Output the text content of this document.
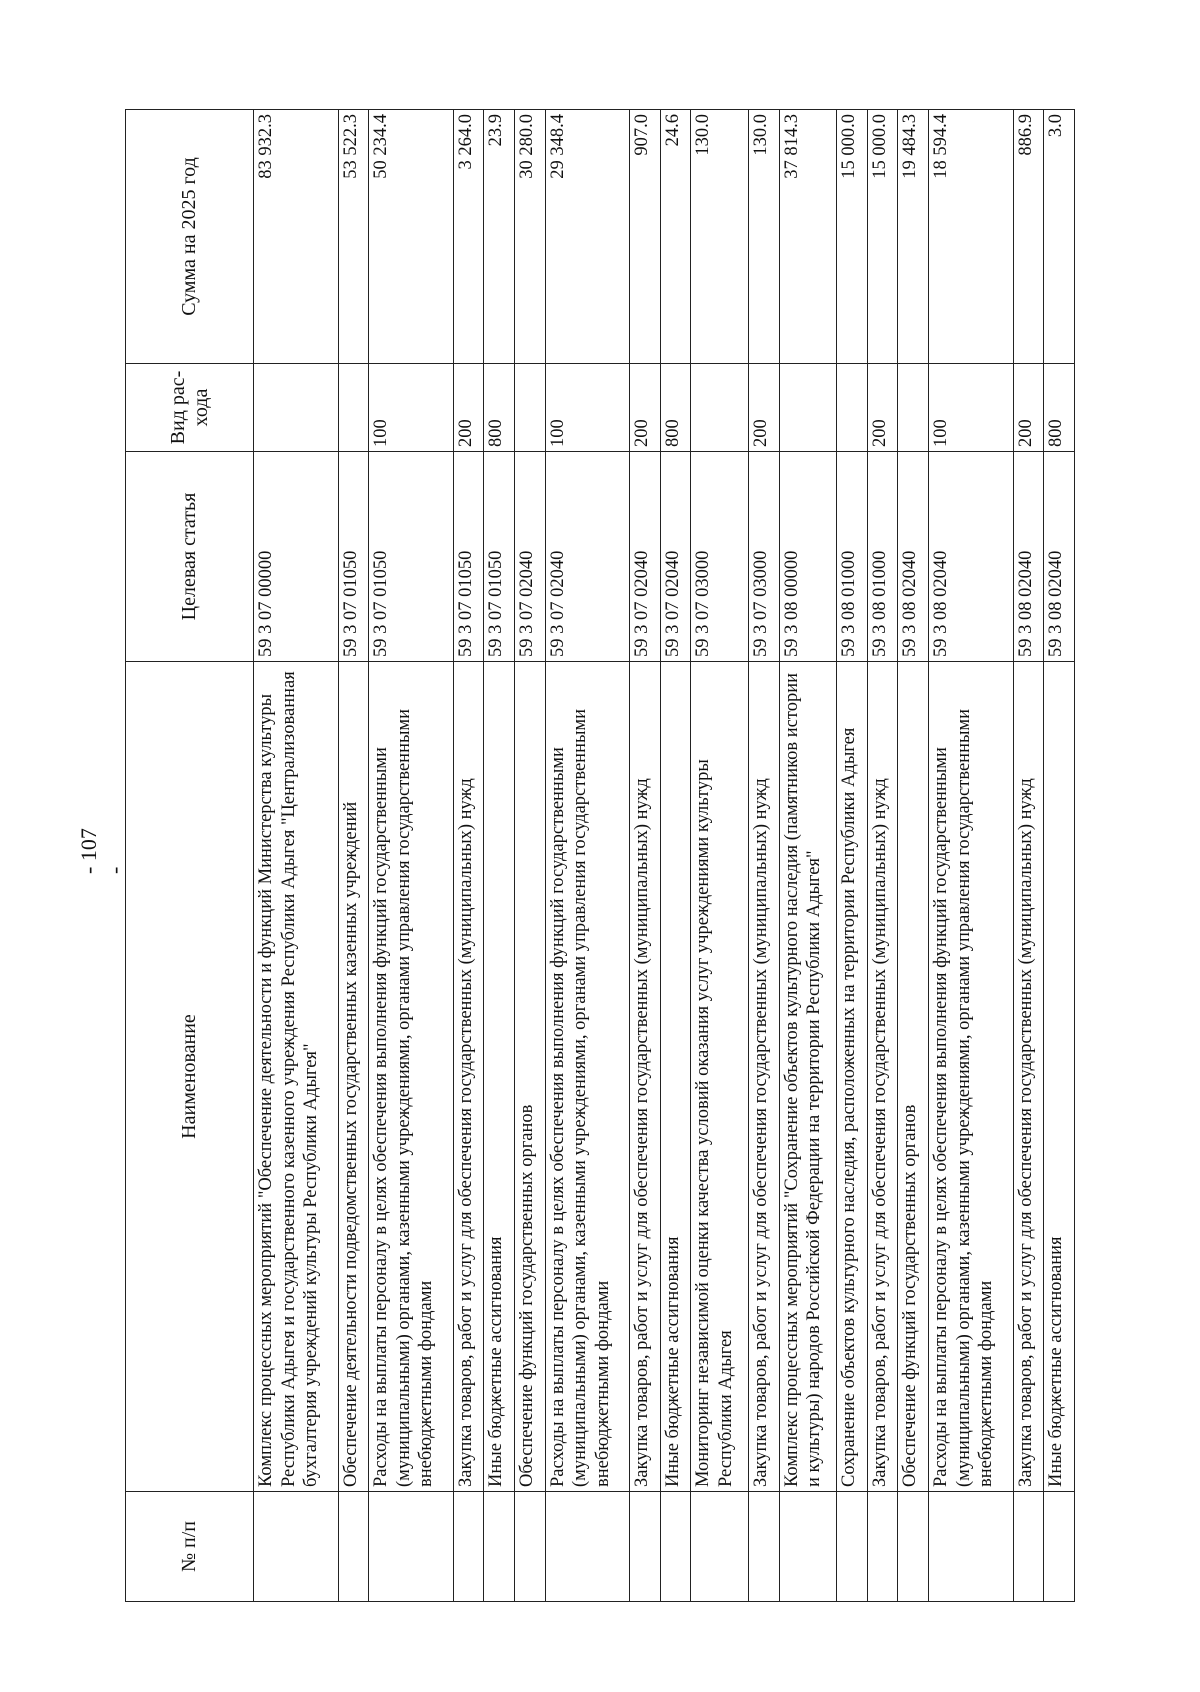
- 107 -
№ п/п	Наименование	Целевая статья	Вид рас-хода	Сумма на 2025 год
	Комплекс процессных мероприятий "Обеспечение деятельности и функций Министерства культуры Республики Адыгея и государственного казенного учреждения Республики Адыгея "Централизованная бухгалтерия учреждений культуры Республики Адыгея"	59 3 07 00000		83 932.3
	Обеспечение деятельности подведомственных государственных казенных учреждений	59 3 07 01050		53 522.3
	Расходы на выплаты персоналу в целях обеспечения выполнения функций государственными (муниципальными) органами, казенными учреждениями, органами управления государственными внебюджетными фондами	59 3 07 01050	100	50 234.4
	Закупка товаров, работ и услуг для обеспечения государственных (муниципальных) нужд	59 3 07 01050	200	3 264.0
	Иные бюджетные ассигнования	59 3 07 01050	800	23.9
	Обеспечение функций государственных органов	59 3 07 02040		30 280.0
	Расходы на выплаты персоналу в целях обеспечения выполнения функций государственными (муниципальными) органами, казенными учреждениями, органами управления государственными внебюджетными фондами	59 3 07 02040	100	29 348.4
	Закупка товаров, работ и услуг для обеспечения государственных (муниципальных) нужд	59 3 07 02040	200	907.0
	Иные бюджетные ассигнования	59 3 07 02040	800	24.6
	Мониторинг независимой оценки качества условий оказания услуг учреждениями культуры Республики Адыгея	59 3 07 03000		130.0
	Закупка товаров, работ и услуг для обеспечения государственных (муниципальных) нужд	59 3 07 03000	200	130.0
	Комплекс процессных мероприятий "Сохранение объектов культурного наследия (памятников истории и культуры) народов Российской Федерации на территории Республики Адыгея"	59 3 08 00000		37 814.3
	Сохранение объектов культурного наследия, расположенных на территории Республики Адыгея	59 3 08 01000		15 000.0
	Закупка товаров, работ и услуг для обеспечения государственных (муниципальных) нужд	59 3 08 01000	200	15 000.0
	Обеспечение функций государственных органов	59 3 08 02040		19 484.3
	Расходы на выплаты персоналу в целях обеспечения выполнения функций государственными (муниципальными) органами, казенными учреждениями, органами управления государственными внебюджетными фондами	59 3 08 02040	100	18 594.4
	Закупка товаров, работ и услуг для обеспечения государственных (муниципальных) нужд	59 3 08 02040	200	886.9
	Иные бюджетные ассигнования	59 3 08 02040	800	3.0
